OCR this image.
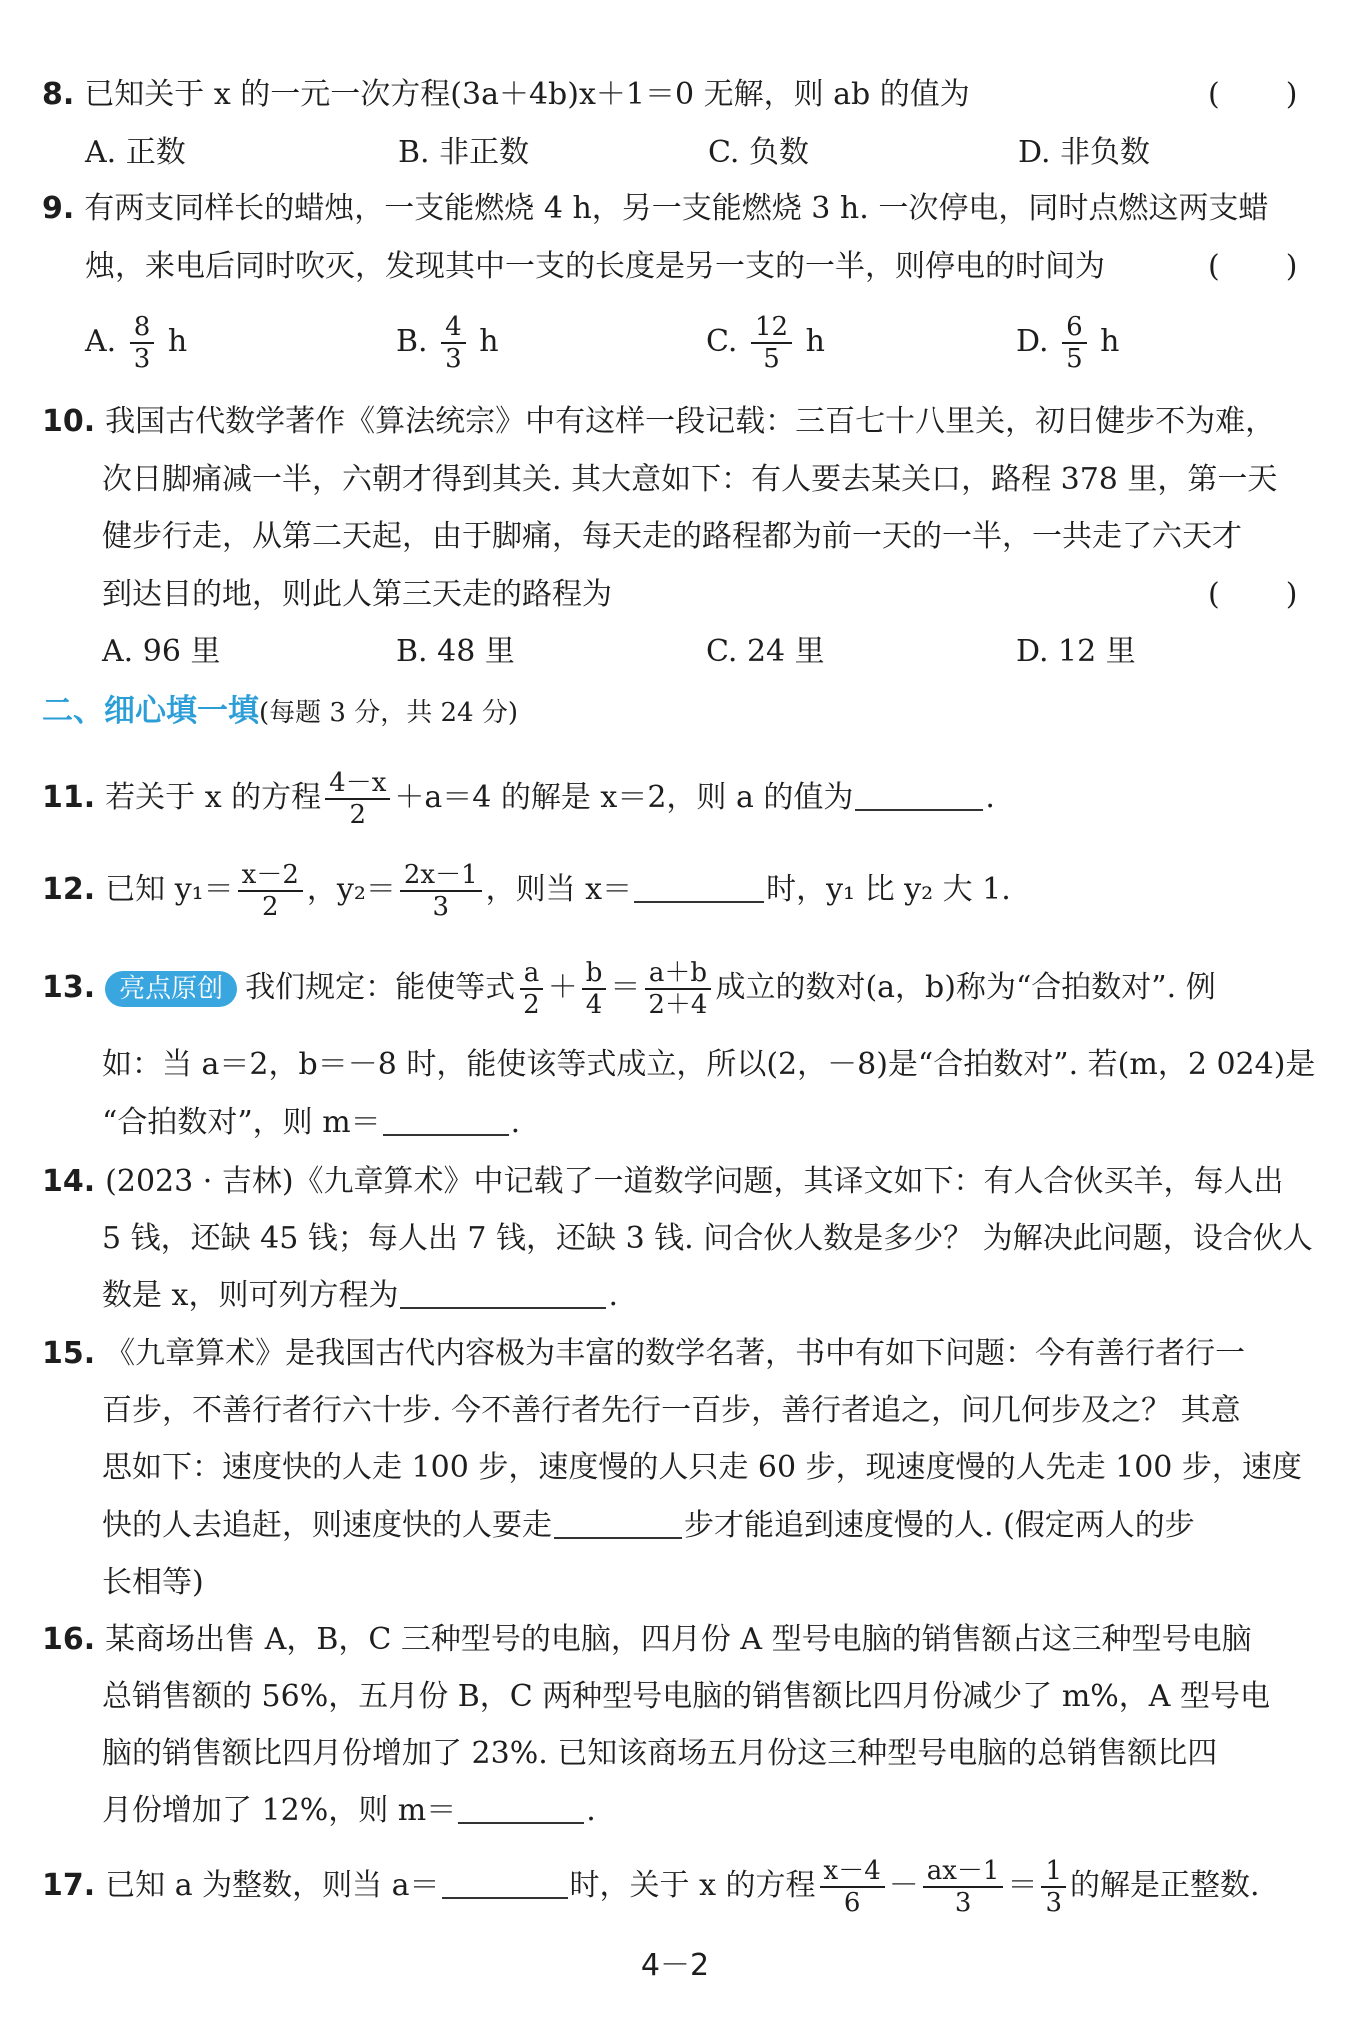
8. 已知关于 x 的一元一次方程(3a＋4b)x＋1＝0 无解，则 ab 的值为	(　　)
A. 正数	B. 非正数	C. 负数	D. 非负数
9. 有两支同样长的蜡烛，一支能燃烧 4 h，另一支能燃烧 3 h. 一次停电，同时点燃这两支蜡
烛，来电后同时吹灭，发现其中一支的长度是另一支的一半，则停电的时间为	(　　)
A. $\frac{8}{3}$ h	B. $\frac{4}{3}$ h	C. $\frac{12}{5}$ h	D. $\frac{6}{5}$ h
10. 我国古代数学著作《算法统宗》中有这样一段记载：三百七十八里关，初日健步不为难，
次日脚痛减一半，六朝才得到其关. 其大意如下：有人要去某关口，路程 378 里，第一天
健步行走，从第二天起，由于脚痛，每天走的路程都为前一天的一半，一共走了六天才
到达目的地，则此人第三天走的路程为	(　　)
A. 96 里	B. 48 里	C. 24 里	D. 12 里
二、细心填一填(每题 3 分，共 24 分)
11. 若关于 x 的方程 $\frac{4-x}{2} +a=4$ 的解是 x＝2，则 a 的值为	.
12. 已知 $y_1= \frac{x-2}{2}$ ，$y_2= \frac{2x-1}{3}$ ，则当 x＝	时，y₁ 比 y₂ 大 1.
13. 亮点原创 我们规定：能使等式 $\frac{a}{2} + \frac{b}{4} = \frac{a+b}{2+4}$ 成立的数对(a，b)称为“合拍数对”. 例
如：当 a＝2，b＝－8 时，能使该等式成立，所以(2，－8)是“合拍数对”. 若(m，2 024)是
“合拍数对”，则 m＝	.
14. (2023 · 吉林)《九章算术》中记载了一道数学问题，其译文如下：有人合伙买羊，每人出
5 钱，还缺 45 钱；每人出 7 钱，还缺 3 钱. 问合伙人数是多少？ 为解决此问题，设合伙人
数是 x，则可列方程为	.
15. 《九章算术》是我国古代内容极为丰富的数学名著，书中有如下问题：今有善行者行一
百步，不善行者行六十步. 今不善行者先行一百步，善行者追之，问几何步及之？ 其意
思如下：速度快的人走 100 步，速度慢的人只走 60 步，现速度慢的人先走 100 步，速度
快的人去追赶，则速度快的人要走	步才能追到速度慢的人. (假定两人的步
长相等)
16. 某商场出售 A，B，C 三种型号的电脑，四月份 A 型号电脑的销售额占这三种型号电脑
总销售额的 56%，五月份 B，C 两种型号电脑的销售额比四月份减少了 m%，A 型号电
脑的销售额比四月份增加了 23%. 已知该商场五月份这三种型号电脑的总销售额比四
月份增加了 12%，则 m＝	.
17. 已知 a 为整数，则当 a＝	时，关于 x 的方程 $\frac{x-4}{6} - \frac{ax-1}{3} = \frac{1}{3}$ 的解是正整数.
4－2
